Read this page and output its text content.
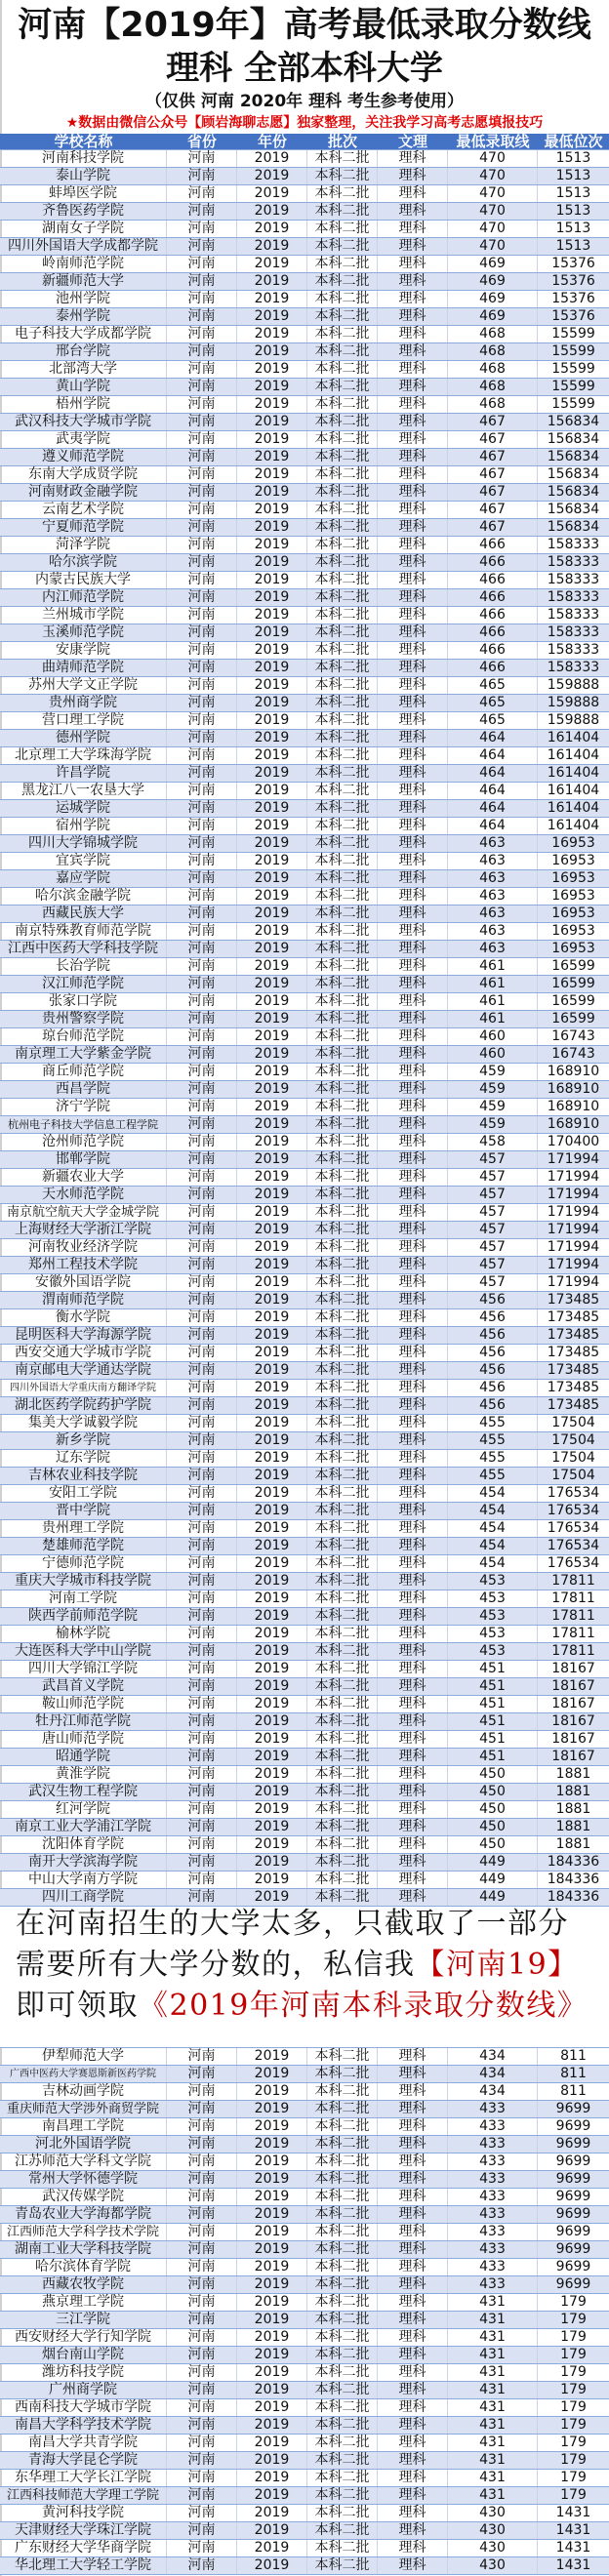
河南【2019年】高考最低录取分数线
理科 全部本科大学
（仅供 河南 2020年 理科 考生参考使用）
★数据由微信公众号【顾岩海聊志愿】独家整理，关注我学习高考志愿填报技巧
学校名称	省份	年份	批次	文理	最低录取线 最低位次
河南科技学院	河南	2019	本科二批	理科	470	1513
泰山学院	河南	2019	本科二批	理科	470	1513
蚌埠医学院	河南	2019	本科二批	理科	470	1513
齐鲁医药学院	河南	2019	本科二批	理科	470	1513
湖南女子学院	河南	2019	本科二批	理科	470	1513
四川外国语大学成都学院	河南	2019	本科二批	理科	470	1513
岭南师范学院	河南	2019	本科二批	理科	469	15376
新疆师范大学	河南	2019	本科二批	理科	469	15376
池州学院	河南	2019	本科二批	理科	469	15376
泰州学院	河南	2019	本科二批	理科	469	15376
电子科技大学成都学院	河南	2019	本科二批	理科	468	15599
邢台学院	河南	2019	本科二批	理科	468	15599
北部湾大学	河南	2019	本科二批	理科	468	15599
黄山学院	河南	2019	本科二批	理科	468	15599
梧州学院	河南	2019	本科二批	理科	468	15599
武汉科技大学城市学院	河南	2019	本科二批	理科	467	156834
武夷学院	河南	2019	本科二批	理科	467	156834
遵义师范学院	河南	2019	本科二批	理科	467	156834
东南大学成贤学院	河南	2019	本科二批	理科	467	156834
河南财政金融学院	河南	2019	本科二批	理科	467	156834
云南艺术学院	河南	2019	本科二批	理科	467	156834
宁夏师范学院	河南	2019	本科二批	理科	467	156834
菏泽学院	河南	2019	本科二批	理科	466	158333
哈尔滨学院	河南	2019	本科二批	理科	466	158333
内蒙古民族大学	河南	2019	本科二批	理科	466	158333
内江师范学院	河南	2019	本科二批	理科	466	158333
兰州城市学院	河南	2019	本科二批	理科	466	158333
玉溪师范学院	河南	2019	本科二批	理科	466	158333
安康学院	河南	2019	本科二批	理科	466	158333
曲靖师范学院	河南	2019	本科二批	理科	466	158333
苏州大学文正学院	河南	2019	本科二批	理科	465	159888
贵州商学院	河南	2019	本科二批	理科	465	159888
营口理工学院	河南	2019	本科二批	理科	465	159888
德州学院	河南	2019	本科二批	理科	464	161404
北京理工大学珠海学院	河南	2019	本科二批	理科	464	161404
许昌学院	河南	2019	本科二批	理科	464	161404
黑龙江八一农垦大学	河南	2019	本科二批	理科	464	161404
运城学院	河南	2019	本科二批	理科	464	161404
宿州学院	河南	2019	本科二批	理科	464	161404
四川大学锦城学院	河南	2019	本科二批	理科	463	16953
宜宾学院	河南	2019	本科二批	理科	463	16953
嘉应学院	河南	2019	本科二批	理科	463	16953
哈尔滨金融学院	河南	2019	本科二批	理科	463	16953
西藏民族大学	河南	2019	本科二批	理科	463	16953
南京特殊教育师范学院	河南	2019	本科二批	理科	463	16953
江西中医药大学科技学院	河南	2019	本科二批	理科	463	16953
长治学院	河南	2019	本科二批	理科	461	16599
汉江师范学院	河南	2019	本科二批	理科	461	16599
张家口学院	河南	2019	本科二批	理科	461	16599
贵州警察学院	河南	2019	本科二批	理科	461	16599
琼台师范学院	河南	2019	本科二批	理科	460	16743
南京理工大学紫金学院	河南	2019	本科二批	理科	460	16743
商丘师范学院	河南	2019	本科二批	理科	459	168910
西昌学院	河南	2019	本科二批	理科	459	168910
济宁学院	河南	2019	本科二批	理科	459	168910
杭州电子科技大学信息工程学院	河南	2019	本科二批	理科	459	168910
沧州师范学院	河南	2019	本科二批	理科	458	170400
邯郸学院	河南	2019	本科二批	理科	457	171994
新疆农业大学	河南	2019	本科二批	理科	457	171994
天水师范学院	河南	2019	本科二批	理科	457	171994
南京航空航天大学金城学院	河南	2019	本科二批	理科	457	171994
上海财经大学浙江学院	河南	2019	本科二批	理科	457	171994
河南牧业经济学院	河南	2019	本科二批	理科	457	171994
郑州工程技术学院	河南	2019	本科二批	理科	457	171994
安徽外国语学院	河南	2019	本科二批	理科	457	171994
渭南师范学院	河南	2019	本科二批	理科	456	173485
衡水学院	河南	2019	本科二批	理科	456	173485
昆明医科大学海源学院	河南	2019	本科二批	理科	456	173485
西安交通大学城市学院	河南	2019	本科二批	理科	456	173485
南京邮电大学通达学院	河南	2019	本科二批	理科	456	173485
四川外国语大学重庆南方翻译学院	河南	2019	本科二批	理科	456	173485
湖北医药学院药护学院	河南	2019	本科二批	理科	456	173485
集美大学诚毅学院	河南	2019	本科二批	理科	455	17504
新乡学院	河南	2019	本科二批	理科	455	17504
辽东学院	河南	2019	本科二批	理科	455	17504
吉林农业科技学院	河南	2019	本科二批	理科	455	17504
安阳工学院	河南	2019	本科二批	理科	454	176534
晋中学院	河南	2019	本科二批	理科	454	176534
贵州理工学院	河南	2019	本科二批	理科	454	176534
楚雄师范学院	河南	2019	本科二批	理科	454	176534
宁德师范学院	河南	2019	本科二批	理科	454	176534
重庆大学城市科技学院	河南	2019	本科二批	理科	453	17811
河南工学院	河南	2019	本科二批	理科	453	17811
陕西学前师范学院	河南	2019	本科二批	理科	453	17811
榆林学院	河南	2019	本科二批	理科	453	17811
大连医科大学中山学院	河南	2019	本科二批	理科	453	17811
四川大学锦江学院	河南	2019	本科二批	理科	451	18167
武昌首义学院	河南	2019	本科二批	理科	451	18167
鞍山师范学院	河南	2019	本科二批	理科	451	18167
牡丹江师范学院	河南	2019	本科二批	理科	451	18167
唐山师范学院	河南	2019	本科二批	理科	451	18167
昭通学院	河南	2019	本科二批	理科	451	18167
黄淮学院	河南	2019	本科二批	理科	450	1881
武汉生物工程学院	河南	2019	本科二批	理科	450	1881
红河学院	河南	2019	本科二批	理科	450	1881
南京工业大学浦江学院	河南	2019	本科二批	理科	450	1881
沈阳体育学院	河南	2019	本科二批	理科	450	1881
南开大学滨海学院	河南	2019	本科二批	理科	449	184336
中山大学南方学院	河南	2019	本科二批	理科	449	184336
四川工商学院	河南	2019	本科二批	理科	449	184336
在河南招生的大学太多，只截取了一部分
需要所有大学分数的，私信我【河南19】
即可领取《2019年河南本科录取分数线》
伊犁师范大学	河南	2019	本科二批	理科	434	811
广西中医药大学赛恩斯新医药学院	河南	2019	本科二批	理科	434	811
吉林动画学院	河南	2019	本科二批	理科	434	811
重庆师范大学涉外商贸学院	河南	2019	本科二批	理科	433	9699
南昌理工学院	河南	2019	本科二批	理科	433	9699
河北外国语学院	河南	2019	本科二批	理科	433	9699
江苏师范大学科文学院	河南	2019	本科二批	理科	433	9699
常州大学怀德学院	河南	2019	本科二批	理科	433	9699
武汉传媒学院	河南	2019	本科二批	理科	433	9699
青岛农业大学海都学院	河南	2019	本科二批	理科	433	9699
江西师范大学科学技术学院	河南	2019	本科二批	理科	433	9699
湖南工业大学科技学院	河南	2019	本科二批	理科	433	9699
哈尔滨体育学院	河南	2019	本科二批	理科	433	9699
西藏农牧学院	河南	2019	本科二批	理科	433	9699
燕京理工学院	河南	2019	本科二批	理科	431	179
三江学院	河南	2019	本科二批	理科	431	179
西安财经大学行知学院	河南	2019	本科二批	理科	431	179
烟台南山学院	河南	2019	本科二批	理科	431	179
潍坊科技学院	河南	2019	本科二批	理科	431	179
广州商学院	河南	2019	本科二批	理科	431	179
西南科技大学城市学院	河南	2019	本科二批	理科	431	179
南昌大学科学技术学院	河南	2019	本科二批	理科	431	179
南昌大学共青学院	河南	2019	本科二批	理科	431	179
青海大学昆仑学院	河南	2019	本科二批	理科	431	179
东华理工大学长江学院	河南	2019	本科二批	理科	431	179
江西科技师范大学理工学院	河南	2019	本科二批	理科	431	179
黄河科技学院	河南	2019	本科二批	理科	430	1431
天津财经大学珠江学院	河南	2019	本科二批	理科	430	1431
广东财经大学华商学院	河南	2019	本科二批	理科	430	1431
华北理工大学轻工学院	河南	2019	本科二批	理科	430	1431
